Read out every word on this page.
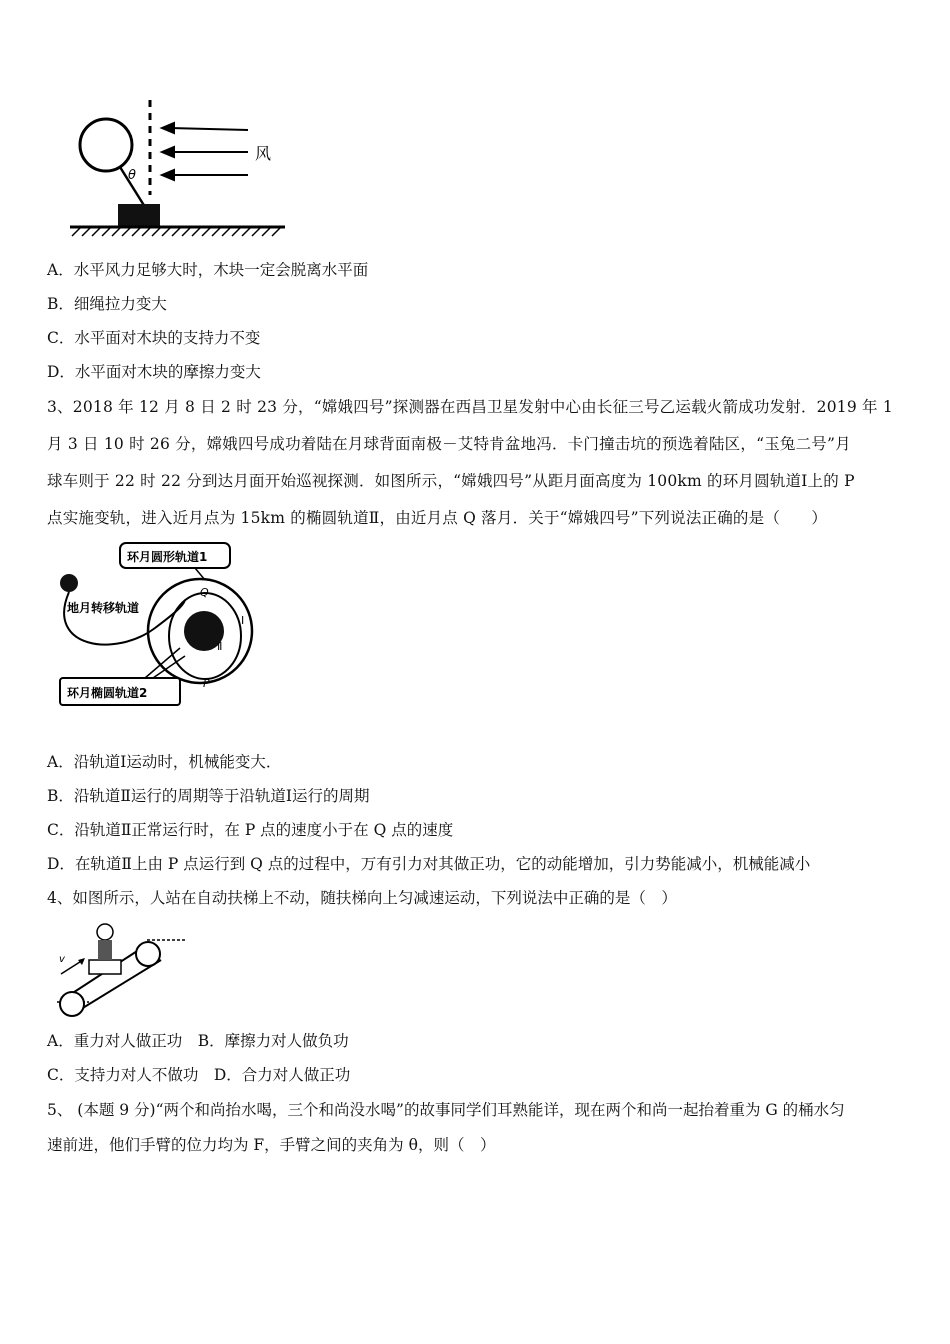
风
θ
A．水平风力足够大时，木块一定会脱离水平面
B．细绳拉力变大
C．水平面对木块的支持力不变
D．水平面对木块的摩擦力变大
3、2018 年 12 月 8 日 2 时 23 分，“嫦娥四号”探测器在西昌卫星发射中心由长征三号乙运载火箭成功发射．2019 年 1
月 3 日 10 时 26 分，嫦娥四号成功着陆在月球背面南极－艾特肯盆地冯．卡门撞击坑的预选着陆区，“玉兔二号”月
球车则于 22 时 22 分到达月面开始巡视探测．如图所示，“嫦娥四号”从距月面高度为 100km 的环月圆轨道Ⅰ上的 P
点实施变轨，进入近月点为 15km 的椭圆轨道Ⅱ，由近月点 Q 落月．关于“嫦娥四号”下列说法正确的是（　　）
环月圆形轨道1
地月转移轨道
环月椭圆轨道2
Q
P
Ⅰ
Ⅱ
A．沿轨道Ⅰ运动时，机械能变大．
B．沿轨道Ⅱ运行的周期等于沿轨道Ⅰ运行的周期
C．沿轨道Ⅱ正常运行时，在 P 点的速度小于在 Q 点的速度
D．在轨道Ⅱ上由 P 点运行到 Q 点的过程中，万有引力对其做正功，它的动能增加，引力势能减小，机械能减小
4、如图所示，人站在自动扶梯上不动，随扶梯向上匀减速运动，下列说法中正确的是（　）
v
A．重力对人做正功　B．摩擦力对人做负功
C．支持力对人不做功　D．合力对人做正功
5、 (本题 9 分)“两个和尚抬水喝，三个和尚没水喝”的故事同学们耳熟能详，现在两个和尚一起抬着重为 G 的桶水匀
速前进，他们手臂的位力均为 F，手臂之间的夹角为 θ，则（　）
